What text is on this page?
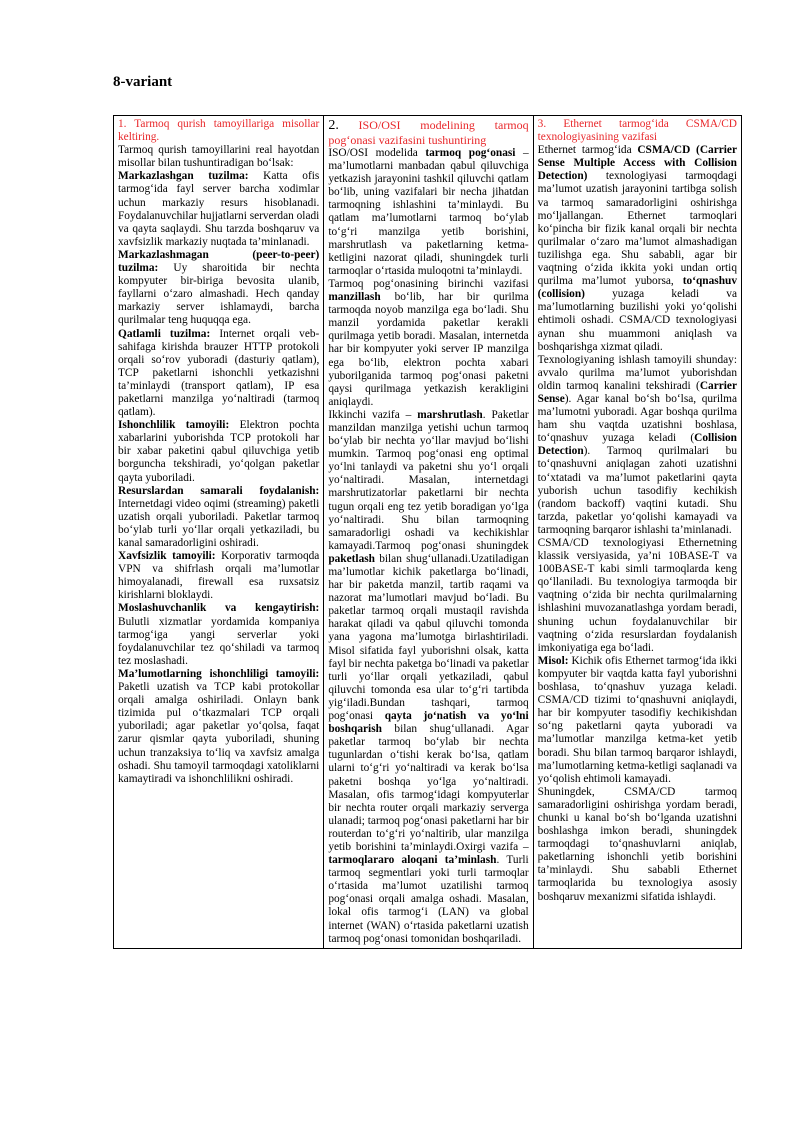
8-variant
1. Tarmoq qurish tamoyillariga misollar keltiring.

Tarmoq qurish tamoyillarini real hayotdan misollar bilan tushuntiradigan bo‘lsak:

Markazlashgan tuzilma: Katta ofis tarmog‘ida fayl server barcha xodimlar uchun markaziy resurs hisoblanadi. Foydalanuvchilar hujjatlarni serverdan oladi va qayta saqlaydi. Shu tarzda boshqaruv va xavfsizlik markaziy nuqtada ta’minlanadi.

Markazlashmagan (peer-to-peer) tuzilma: Uy sharoitida bir nechta kompyuter bir-biriga bevosita ulanib, fayllarni o‘zaro almashadi. Hech qanday markaziy server ishlamaydi, barcha qurilmalar teng huquqqa ega.

Qatlamli tuzilma: Internet orqali veb-sahifaga kirishda brauzer HTTP protokoli orqali so‘rov yuboradi (dasturiy qatlam), TCP paketlarni ishonchli yetkazishni ta’minlaydi (transport qatlam), IP esa paketlarni manzilga yo‘naltiradi (tarmoq qatlam).

Ishonchlilik tamoyili: Elektron pochta xabarlarini yuborishda TCP protokoli har bir xabar paketini qabul qiluvchiga yetib borguncha tekshiradi, yo‘qolgan paketlar qayta yuboriladi.

Resurslardan samarali foydalanish: Internetdagi video oqimi (streaming) paketli uzatish orqali yuboriladi. Paketlar tarmoq bo‘ylab turli yo‘llar orqali yetkaziladi, bu kanal samaradorligini oshiradi.

Xavfsizlik tamoyili: Korporativ tarmoqda VPN va shifrlash orqali ma’lumotlar himoyalanadi, firewall esa ruxsatsiz kirishlarni bloklaydi.

Moslashuvchanlik va kengaytirish: Bulutli xizmatlar yordamida kompaniya tarmog‘iga yangi serverlar yoki foydalanuvchilar tez qo‘shiladi va tarmoq tez moslashadi.

Ma’lumotlarning ishonchliligi tamoyili: Paketli uzatish va TCP kabi protokollar orqali amalga oshiriladi. Onlayn bank tizimida pul o‘tkazmalari TCP orqali yuboriladi; agar paketlar yo‘qolsa, faqat zarur qismlar qayta yuboriladi, shuning uchun tranzaksiya to‘liq va xavfsiz amalga oshadi. Shu tamoyil tarmoqdagi xatoliklarni kamaytiradi va ishonchlilikni oshiradi.

2. ISO/OSI modelining tarmoq pog‘onasi vazifasini tushuntiring

ISO/OSI modelida tarmoq pog‘onasi – ma’lumotlarni manbadan qabul qiluvchiga yetkazish jarayonini tashkil qiluvchi qatlam bo‘lib, uning vazifalari bir necha jihatdan tarmoqning ishlashini ta’minlaydi. Bu qatlam ma’lumotlarni tarmoq bo‘ylab to‘g‘ri manzilga yetib borishini, marshrutlash va paketlarning ketma-ketligini nazorat qiladi, shuningdek turli tarmoqlar o‘rtasida muloqotni ta’minlaydi.

Tarmoq pog‘onasining birinchi vazifasi manzillash bo‘lib, har bir qurilma tarmoqda noyob manzilga ega bo‘ladi. Shu manzil yordamida paketlar kerakli qurilmaga yetib boradi. Masalan, internetda har bir kompyuter yoki server IP manzilga ega bo‘lib, elektron pochta xabari yuborilganida tarmoq pog‘onasi paketni qaysi qurilmaga yetkazish kerakligini aniqlaydi.

Ikkinchi vazifa – marshrutlash. Paketlar manzildan manzilga yetishi uchun tarmoq bo‘ylab bir nechta yo‘llar mavjud bo‘lishi mumkin. Tarmoq pog‘onasi eng optimal yo‘lni tanlaydi va paketni shu yo‘l orqali yo‘naltiradi. Masalan, internetdagi marshrutizatorlar paketlarni bir nechta tugun orqali eng tez yetib boradigan yo‘lga yo‘naltiradi. Shu bilan tarmoqning samaradorligi oshadi va kechikishlar kamayadi.Tarmoq pog‘onasi shuningdek paketlash bilan shug‘ullanadi.Uzatiladigan ma’lumotlar kichik paketlarga bo‘linadi, har bir paketda manzil, tartib raqami va nazorat ma’lumotlari mavjud bo‘ladi. Bu paketlar tarmoq orqali mustaqil ravishda harakat qiladi va qabul qiluvchi tomonda yana yagona ma’lumotga birlashtiriladi. Misol sifatida fayl yuborishni olsak, katta fayl bir nechta paketga bo‘linadi va paketlar turli yo‘llar orqali yetkaziladi, qabul qiluvchi tomonda esa ular to‘g‘ri tartibda yig‘iladi.Bundan tashqari, tarmoq pog‘onasi qayta jo‘natish va yo‘lni boshqarish bilan shug‘ullanadi. Agar paketlar tarmoq bo‘ylab bir nechta tugunlardan o‘tishi kerak bo‘lsa, qatlam ularni to‘g‘ri yo‘naltiradi va kerak bo‘lsa paketni boshqa yo‘lga yo‘naltiradi. Masalan, ofis tarmog‘idagi kompyuterlar bir nechta router orqali markaziy serverga ulanadi; tarmoq pog‘onasi paketlarni har bir routerdan to‘g‘ri yo‘naltirib, ular manzilga yetib borishini ta’minlaydi.Oxirgi vazifa – tarmoqlararo aloqani ta’minlash. Turli tarmoq segmentlari yoki turli tarmoqlar o‘rtasida ma’lumot uzatilishi tarmoq pog‘onasi orqali amalga oshadi. Masalan, lokal ofis tarmog‘i (LAN) va global internet (WAN) o‘rtasida paketlarni uzatish tarmoq pog‘onasi tomonidan boshqariladi.

3. Ethernet tarmog‘ida CSMA/CD texnologiyasining vazifasi

Ethernet tarmog‘ida CSMA/CD (Carrier Sense Multiple Access with Collision Detection) texnologiyasi tarmoqdagi ma’lumot uzatish jarayonini tartibga solish va tarmoq samaradorligini oshirishga mo‘ljallangan. Ethernet tarmoqlari ko‘pincha bir fizik kanal orqali bir nechta qurilmalar o‘zaro ma’lumot almashadigan tuzilishga ega. Shu sababli, agar bir vaqtning o‘zida ikkita yoki undan ortiq qurilma ma’lumot yuborsa, to‘qnashuv (collision) yuzaga keladi va ma’lumotlarning buzilishi yoki yo‘qolishi ehtimoli oshadi. CSMA/CD texnologiyasi aynan shu muammoni aniqlash va boshqarishga xizmat qiladi.

Texnologiyaning ishlash tamoyili shunday: avvalo qurilma ma’lumot yuborishdan oldin tarmoq kanalini tekshiradi (Carrier Sense). Agar kanal bo‘sh bo‘lsa, qurilma ma’lumotni yuboradi. Agar boshqa qurilma ham shu vaqtda uzatishni boshlasa, to‘qnashuv yuzaga keladi (Collision Detection). Tarmoq qurilmalari bu to‘qnashuvni aniqlagan zahoti uzatishni to‘xtatadi va ma’lumot paketlarini qayta yuborish uchun tasodifiy kechikish (random backoff) vaqtini kutadi. Shu tarzda, paketlar yo‘qolishi kamayadi va tarmoqning barqaror ishlashi ta’minlanadi.

CSMA/CD texnologiyasi Ethernetning klassik versiyasida, ya’ni 10BASE-T va 100BASE-T kabi simli tarmoqlarda keng qo‘llaniladi. Bu texnologiya tarmoqda bir vaqtning o‘zida bir nechta qurilmalarning ishlashini muvozanatlashga yordam beradi, shuning uchun foydalanuvchilar bir vaqtning o‘zida resurslardan foydalanish imkoniyatiga ega bo‘ladi.

Misol: Kichik ofis Ethernet tarmog‘ida ikki kompyuter bir vaqtda katta fayl yuborishni boshlasa, to‘qnashuv yuzaga keladi. CSMA/CD tizimi to‘qnashuvni aniqlaydi, har bir kompyuter tasodifiy kechikishdan so‘ng paketlarni qayta yuboradi va ma’lumotlar manzilga ketma-ket yetib boradi. Shu bilan tarmoq barqaror ishlaydi, ma’lumotlarning ketma-ketligi saqlanadi va yo‘qolish ehtimoli kamayadi.

Shuningdek, CSMA/CD tarmoq samaradorligini oshirishga yordam beradi, chunki u kanal bo‘sh bo‘lganda uzatishni boshlashga imkon beradi, shuningdek tarmoqdagi to‘qnashuvlarni aniqlab, paketlarning ishonchli yetib borishini ta’minlaydi. Shu sababli Ethernet tarmoqlarida bu texnologiya asosiy boshqaruv mexanizmi sifatida ishlaydi.
